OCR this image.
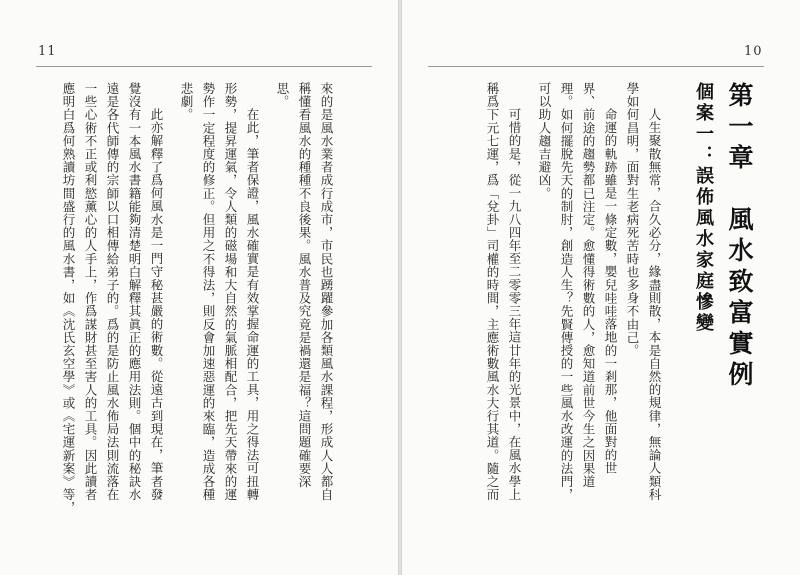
11

來的是風水業者成行成市，市民也踴躍參加各類風水課程，形成人人都自

稱懂看風水的種種不良後果。風水普及究竟是禍還是福？這問題確要深

思。

在此，筆者保證，風水確實是有效掌握命運的工具，用之得法可扭轉

形勢，提昇運氣，令人類的磁場和大自然的氣脈相配合，把先天帶來的運

勢作一定程度的修正。但用之不得法，則反會加速惡運的來臨，造成各種

悲劇。

此亦解釋了爲何風水是一門守秘甚嚴的術數。從遠古到現在，筆者發

覺沒有一本風水書籍能夠清楚明白解釋其眞正的應用法則。個中的秘訣水

遠是各代師傳的宗師以口相傳給弟子的。爲的是防止風水佈局法則流落在

一些心術不正或利慾薰心的人手上，作爲謀財甚至害人的工具。因此讀者

應明白爲何熟讀坊間盛行的風水書，如《沈氏玄空學》或《宅運新案》等，

10
第一章　風水致富實例
個案一：誤佈風水家庭慘變

人生聚散無常，合久必分，緣盡則散，本是自然的規律，無論人類科

學如何昌明，面對生老病死苦時也多身不由己。

命運的軌跡雖是一條定數，嬰兒哇哇落地的一剎那，他面對的世

界、前途的趨勢都已注定。愈懂得術數的人，愈知道前世今生之因果道

理。如何擺脫先天的制肘，創造人生？先賢傳授的一些風水改運的法門，

可以助人趨吉避凶。

可惜的是，從一九八四年至二零零三年這廿年的光景中，在風水學上

稱爲下元七運，爲「兌卦」司權的時間，主應術數風水大行其道。隨之而
